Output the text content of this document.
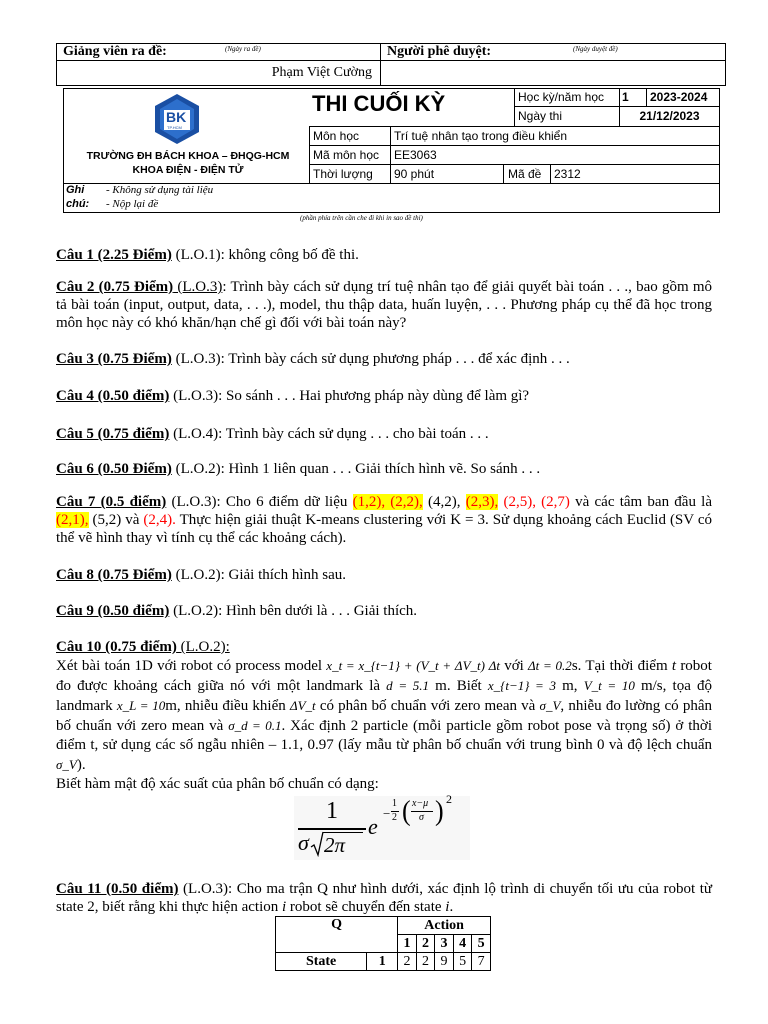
Giảng viên ra đề:	(Ngày ra đề)	Người phê duyệt:	(Ngày duyệt đề)
Phạm Việt Cường
BK
TP.HCM
TRƯỜNG ĐH BÁCH KHOA – ĐHQG-HCM
KHOA ĐIỆN - ĐIỆN TỬ
THI CUỐI KỲ	Học kỳ/năm học 1 2023-2024
Ngày thi	21/12/2023
Môn học	Trí tuệ nhân tạo trong điều khiển
Mã môn học EE3063
Thời lượng 90 phút	Mã đề 2312
Ghi
chú:
- Không sử dụng tài liệu
- Nộp lại đề
(phần phía trên cần che đi khi in sao đề thi)
Câu 1 (2.25 Điểm) (L.O.1): không công bố đề thi.
Câu 2 (0.75 Điểm) (L.O.3): Trình bày cách sử dụng trí tuệ nhân tạo để giải quyết bài toán . . ., bao gồm mô tả bài toán (input, output, data, . . .), model, thu thập data, huấn luyện, . . . Phương pháp cụ thể đã học trong môn học này có khó khăn/hạn chế gì đối với bài toán này?
Câu 3 (0.75 Điểm) (L.O.3): Trình bày cách sử dụng phương pháp . . . để xác định . . .
Câu 4 (0.50 điểm) (L.O.3): So sánh . . . Hai phương pháp này dùng để làm gì?
Câu 5 (0.75 điểm) (L.O.4): Trình bày cách sử dụng . . . cho bài toán . . .
Câu 6 (0.50 Điểm) (L.O.2): Hình 1 liên quan . . . Giải thích hình vẽ. So sánh . . .
Câu 7 (0.5 điểm) (L.O.3): Cho 6 điểm dữ liệu (1,2), (2,2), (4,2), (2,3), (2,5), (2,7) và các tâm ban đầu là (2,1), (5,2) và (2,4). Thực hiện giải thuật K-means clustering với K = 3. Sử dụng khoảng cách Euclid (SV có thể vẽ hình thay vì tính cụ thể các khoảng cách).
Câu 8 (0.75 Điểm) (L.O.2): Giải thích hình sau.
Câu 9 (0.50 điểm) (L.O.2): Hình bên dưới là . . . Giải thích.
Câu 10 (0.75 điểm) (L.O.2):
Xét bài toán 1D với robot có process model x_t = x_{t−1} + (V_t + ΔV_t) Δt với Δt = 0.2s. Tại thời điểm t robot đo được khoảng cách giữa nó với một landmark là d = 5.1 m. Biết x_{t−1} = 3 m, V_t = 10 m/s, tọa độ landmark x_L = 10m, nhiễu điều khiển ΔV_t có phân bố chuẩn với zero mean và σ_V, nhiễu đo lường có phân bố chuẩn với zero mean và σ_d = 0.1. Xác định 2 particle (mỗi particle gồm robot pose và trọng số) ở thời điểm t, sử dụng các số ngẫu nhiên – 1.1, 0.97 (lấy mẫu từ phân bố chuẩn với trung bình 0 và độ lệch chuẩn σ_V).
Biết hàm mật độ xác suất của phân bố chuẩn có dạng:
1
σ 2π
e
−
1
2 ( x−μ
σ ) 2
Câu 11 (0.50 điểm) (L.O.3): Cho ma trận Q như hình dưới, xác định lộ trình di chuyển tối ưu của robot từ state 2, biết rằng khi thực hiện action i robot sẽ chuyển đến state i.
Q		Action				
		1	2	3	4	5
State	1	2	2	9	5	7
